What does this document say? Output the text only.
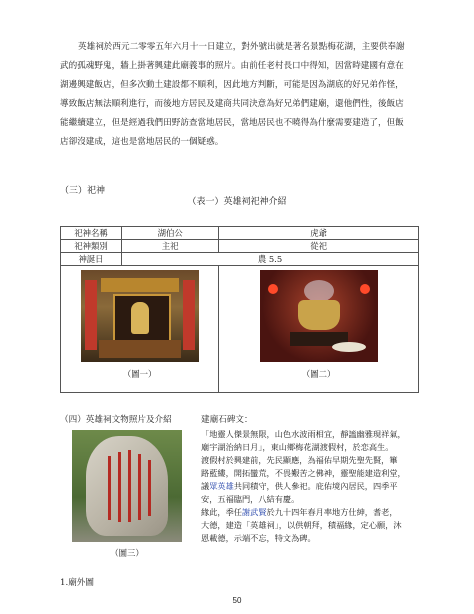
英雄祠於西元二零零五年六月十一日建立，對外號出就是著名景點梅花湖，主要供奉謝
武的孤魂野鬼，牆上掛著興建此廟義事的照片。由前任老村長口中得知，因當時建國有意在
湖邊興建飯店，但多次動土建設都不順利，因此地方判斷，可能是因為湖底的好兄弟作怪，
導致飯店無法順利進行，而後地方居民及建商共同決意為好兄弟們建廟，還他們性，後飯店
能繼續建立，但是經過我們田野訪查當地居民，當地居民也不曉得為什麼需要建造了，但飯
店卻沒建成，這也是當地居民的一個疑惑。
（三）祀神
（表一）英雄祠祀神介紹
祀神名稱	湖伯公	虎爺
祀神類別	主祀	從祀
神誕日	農 5.5	

（圖一）		（圖二）
（四）英雄祠文物照片及介紹
（圖三）
建廟石碑文：
「地靈人傑景無限，山色水波雨相宜，靜謐幽雅現祥氣，
廟宇湖治納日月」，東山鄉梅花湖渡假村，於恋高生。
渡假村於興建前，先民顯應，為福佑早期先聖先賢，篳
路藍縷，開拓蠻荒，不畏艱苦之佛神，靈聖能建造利堂，
議眾英雄共同積守，供人參祀。庇佑境內居民，四季平
安，五福臨門，八結有慶。
緣此，季任謝武賢於九十四年春月率地方仕紳，耆老，
大德，建造「英雄祠」，以供朝拜，積福緣，定心願，沐
恩載德，示端不忘，特文為碑。
1.廟外圖
50
